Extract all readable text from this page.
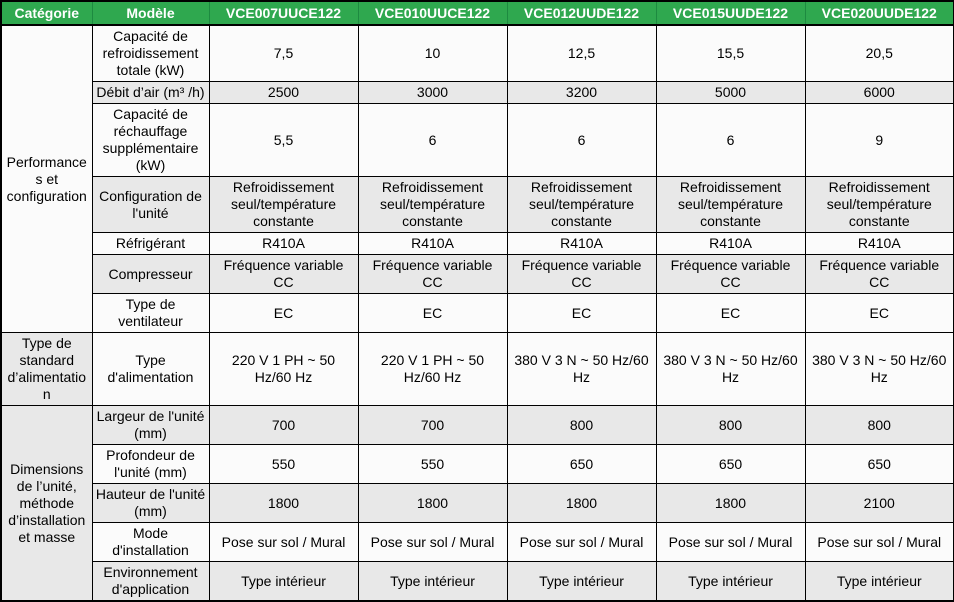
Catégorie	Modèle	VCE007UUCE122	VCE010UUCE122	VCE012UUDE122	VCE015UUDE122	VCE020UUDE122
Performances et configuration	Capacité de refroidissement totale (kW)	7,5	10	12,5	15,5	20,5
	Débit d’air (m³ /h)	2500	3000	3200	5000	6000
	Capacité de réchauffage supplémentaire (kW)	5,5	6	6	6	9
	Configuration de l'unité	Refroidissement seul/température constante	Refroidissement seul/température constante	Refroidissement seul/température constante	Refroidissement seul/température constante	Refroidissement seul/température constante
	Réfrigérant	R410A	R410A	R410A	R410A	R410A
	Compresseur	Fréquence variable CC	Fréquence variable CC	Fréquence variable CC	Fréquence variable CC	Fréquence variable CC
	Type de ventilateur	EC	EC	EC	EC	EC
Type de standard d’alimentation	Type d'alimentation	220 V 1 PH ~ 50 Hz/60 Hz	220 V 1 PH ~ 50 Hz/60 Hz	380 V 3 N ~ 50 Hz/60 Hz	380 V 3 N ~ 50 Hz/60 Hz	380 V 3 N ~ 50 Hz/60 Hz
Dimensions de l’unité, méthode d’installation et masse	Largeur de l'unité (mm)	700	700	800	800	800
	Profondeur de l'unité (mm)	550	550	650	650	650
	Hauteur de l'unité (mm)	1800	1800	1800	1800	2100
	Mode d'installation	Pose sur sol / Mural	Pose sur sol / Mural	Pose sur sol / Mural	Pose sur sol / Mural	Pose sur sol / Mural
	Environnement d'application	Type intérieur	Type intérieur	Type intérieur	Type intérieur	Type intérieur
